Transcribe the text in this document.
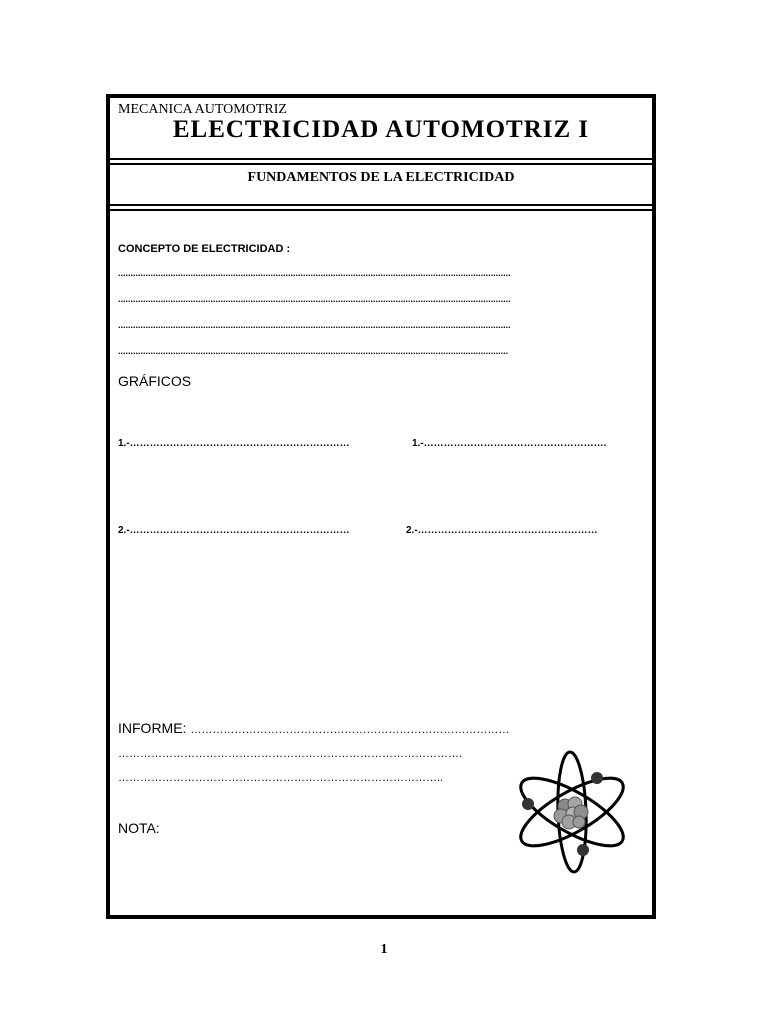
MECANICA AUTOMOTRIZ
ELECTRICIDAD AUTOMOTRIZ I
FUNDAMENTOS DE LA ELECTRICIDAD
CONCEPTO DE ELECTRICIDAD :
.............................................................................................................................................................
.............................................................................................................................................................
.............................................................................................................................................................
............................................................................................................................................................
GRÁFICOS
1.-…………………………………………………………	1.-……………………………………………….
2.-…………………………………………………………	2.-………………………………………………
INFORME: ……………………………………………………………………………
………………………………………………………………………………….
……………………………………………………………………………..
NOTA:
1
